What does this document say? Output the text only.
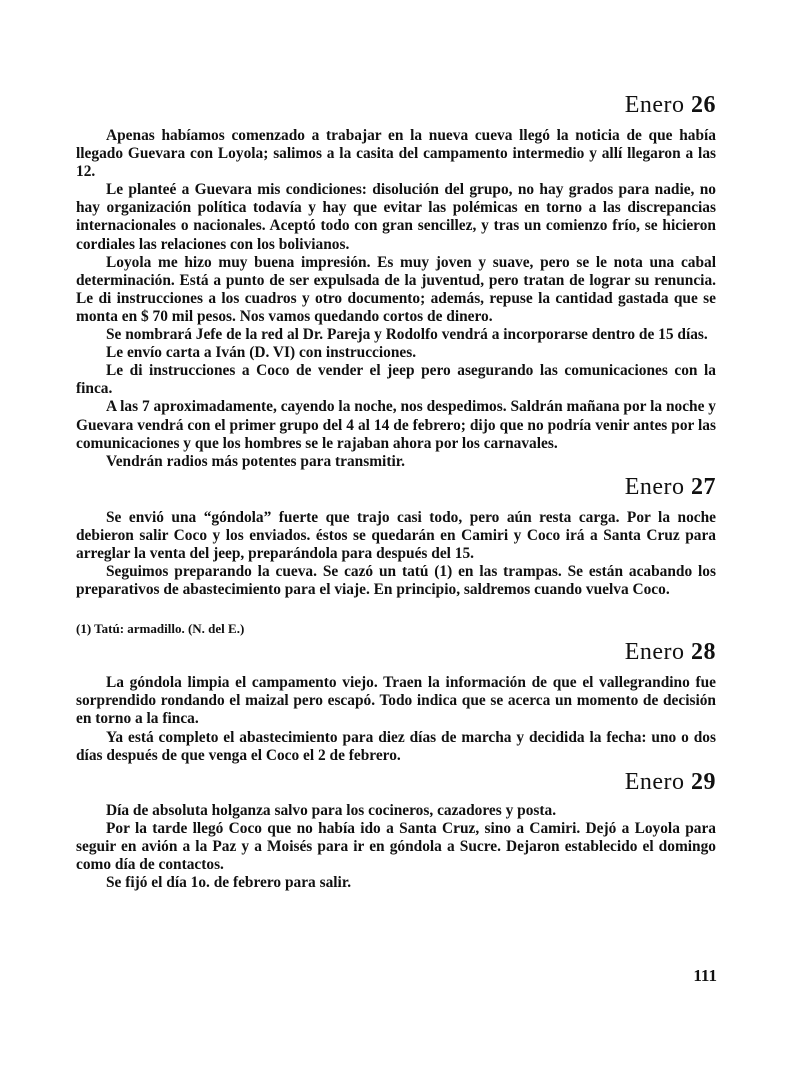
Enero 26

Apenas habíamos comenzado a trabajar en la nueva cueva llegó la noticia de que había llegado Guevara con Loyola; salimos a la casita del campamento intermedio y allí llegaron a las 12.

Le planteé a Guevara mis condiciones: disolución del grupo, no hay grados para nadie, no hay organización política todavía y hay que evitar las polémicas en torno a las discrepancias internacionales o nacionales. Aceptó todo con gran sencillez, y tras un comienzo frío, se hicieron cordiales las relaciones con los bolivianos.

Loyola me hizo muy buena impresión. Es muy joven y suave, pero se le nota una cabal determinación. Está a punto de ser expulsada de la juventud, pero tratan de lograr su renuncia. Le di instrucciones a los cuadros y otro documento; además, repuse la cantidad gastada que se monta en $ 70 mil pesos. Nos vamos quedando cortos de dinero.

Se nombrará Jefe de la red al Dr. Pareja y Rodolfo vendrá a incorporarse dentro de 15 días.

Le envío carta a Iván (D. VI) con instrucciones.

Le di instrucciones a Coco de vender el jeep pero asegurando las comunicaciones con la finca.

A las 7 aproximadamente, cayendo la noche, nos despedimos. Saldrán mañana por la noche y Guevara vendrá con el primer grupo del 4 al 14 de febrero; dijo que no podría venir antes por las comunicaciones y que los hombres se le rajaban ahora por los carnavales.

Vendrán radios más potentes para transmitir.

Enero 27

Se envió una “góndola” fuerte que trajo casi todo, pero aún resta carga. Por la noche debieron salir Coco y los enviados. éstos se quedarán en Camiri y Coco irá a Santa Cruz para arreglar la venta del jeep, preparándola para después del 15.

Seguimos preparando la cueva. Se cazó un tatú (1) en las trampas. Se están acabando los preparativos de abastecimiento para el viaje. En principio, saldremos cuando vuelva Coco.

(1) Tatú: armadillo. (N. del E.)

Enero 28

La góndola limpia el campamento viejo. Traen la información de que el vallegrandino fue sorprendido rondando el maizal pero escapó. Todo indica que se acerca un momento de decisión en torno a la finca.

Ya está completo el abastecimiento para diez días de marcha y decidida la fecha: uno o dos días después de que venga el Coco el 2 de febrero.

Enero 29

Día de absoluta holganza salvo para los cocineros, cazadores y posta.

Por la tarde llegó Coco que no había ido a Santa Cruz, sino a Camiri. Dejó a Loyola para seguir en avión a la Paz y a Moisés para ir en góndola a Sucre. Dejaron establecido el domingo como día de contactos.

Se fijó el día 1o. de febrero para salir.

111
